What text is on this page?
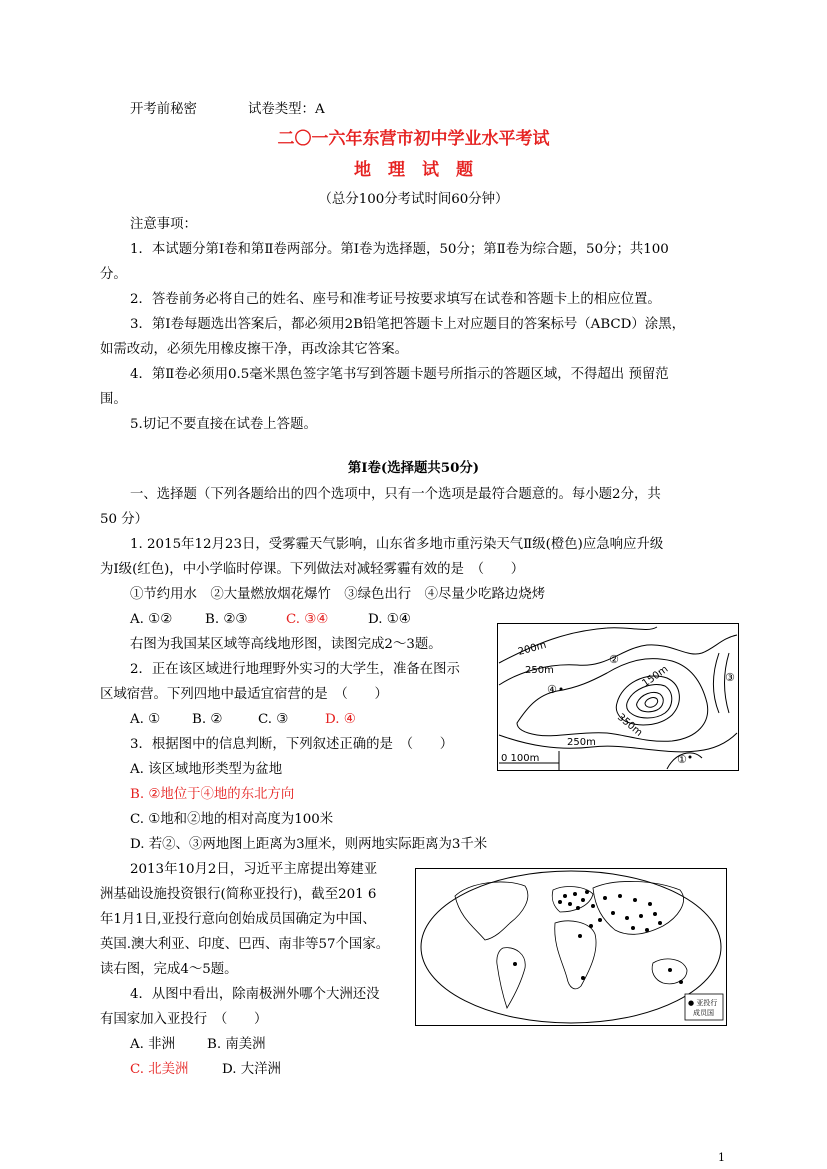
开考前秘密	试卷类型：A
二〇一六年东营市初中学业水平考试
地　理　试　题
（总分100分考试时间60分钟）
注意事项：
1．本试题分第Ⅰ卷和第Ⅱ卷两部分。第Ⅰ卷为选择题，50分；第Ⅱ卷为综合题，50分；共100
分。
2．答卷前务必将自己的姓名、座号和准考证号按要求填写在试卷和答题卡上的相应位置。
3．第Ⅰ卷每题选出答案后，都必须用2B铅笔把答题卡上对应题目的答案标号（ABCD）涂黑，
如需改动，必须先用橡皮擦干净，再改涂其它答案。
4．第Ⅱ卷必须用0.5毫米黑色签字笔书写到答题卡题号所指示的答题区域，不得超出 预留范
围。
5.切记不要直接在试卷上答题。
第Ⅰ卷(选择题共50分)
一、选择题（下列各题给出的四个选项中，只有一个选项是最符合题意的。每小题2分，共
50 分）
1. 2015年12月23日，受雾霾天气影响，山东省多地市重污染天气Ⅱ级(橙色)应急响应升级
为Ⅰ级(红色)，中小学临时停课。下列做法对减轻雾霾有效的是　（　　）
①节约用水　②大量燃放烟花爆竹　③绿色出行　④尽量少吃路边烧烤
A. ①② B. ②③	C. ③④	D. ①④
右图为我国某区域等高线地形图，读图完成2～3题。
2．正在该区域进行地理野外实习的大学生，准备在图示
区域宿营。下列四地中最适宜宿营的是　（　　）
A. ① B. ②	C. ③	D. ④
3．根据图中的信息判断，下列叙述正确的是　（　　）
A. 该区域地形类型为盆地
B. ②地位于④地的东北方向
C. ①地和②地的相对高度为100米
D. 若②、③两地图上距离为3厘米，则两地实际距离为3千米
2013年10月2日，习近平主席提出筹建亚
洲基础设施投资银行(简称亚投行)，截至201 6
年1月1日,亚投行意向创始成员国确定为中国、
英国.澳大利亚、印度、巴西、南非等57个国家。
读右图，完成4～5题。
4．从图中看出，除南极洲外哪个大洲还没
有国家加入亚投行　（　　）
A. 非洲 B. 南美洲
C. 北美洲	D. 大洋洲
0 100m
200m
250m	150m
350m
250m
④
②
③
①
● 亚投行
成员国
1
